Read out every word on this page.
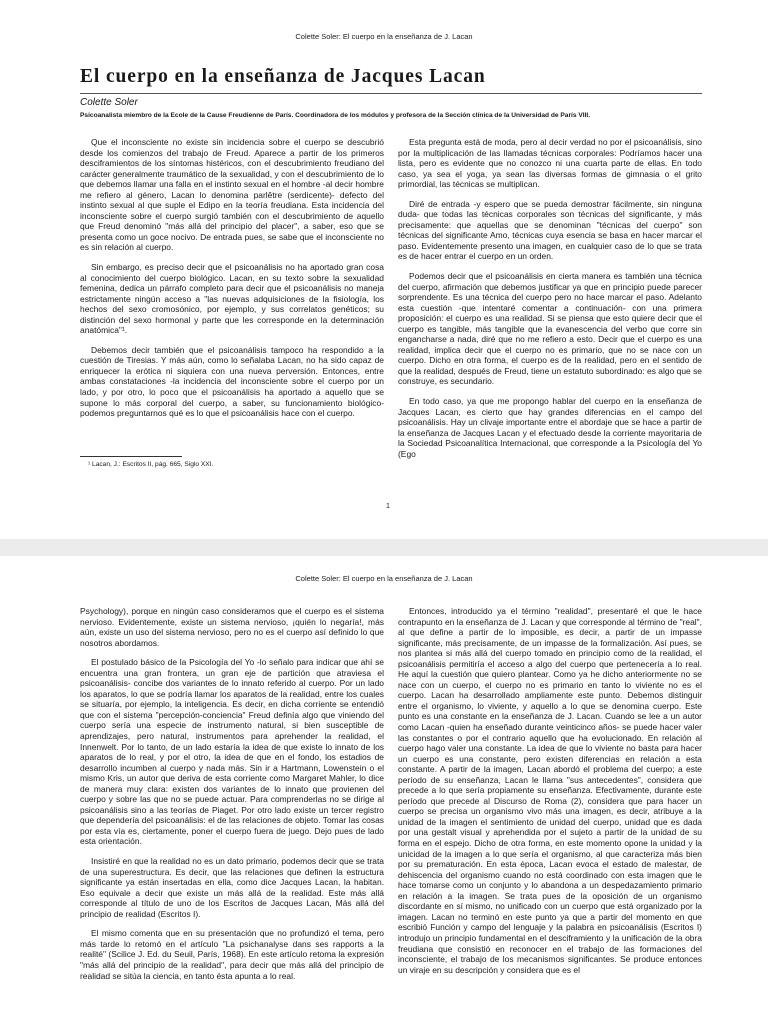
Colette Soler: El cuerpo en la enseñanza de J. Lacan
El cuerpo en la enseñanza de Jacques Lacan
Colette Soler
Psicoanalista miembro de la Ecole de la Cause Freudienne de París. Coordinadora de los módulos y profesora de la Sección clínica de la Universidad de París VIII.

Que el inconsciente no existe sin incidencia sobre el cuerpo se descubrió desde los comienzos del trabajo de Freud. Aparece a partir de los primeros desciframientos de los síntomas histéricos, con el descubrimiento freudiano del carácter generalmente traumático de la sexualidad, y con el descubrimiento de lo que debemos llamar una falla en el instinto sexual en el hombre -al decir hombre me refiero al género, Lacan lo denomina parlêtre (serdicente)- defecto del instinto sexual al que suple el Edipo en la teoría freudiana. Esta incidencia del inconsciente sobre el cuerpo surgió también con el descubrimiento de aquello que Freud denominó "más allá del principio del placer", a saber, eso que se presenta como un goce nocivo. De entrada pues, se sabe que el inconsciente no es sin relación al cuerpo.

Sin embargo, es preciso decir que el psicoanálisis no ha aportado gran cosa al conocimiento del cuerpo biológico. Lacan, en su texto sobre la sexualidad femenina, dedica un párrafo completo para decir que el psicoanálisis no maneja estrictamente ningún acceso a "las nuevas adquisiciones de la fisiología, los hechos del sexo cromosónico, por ejemplo, y sus correlatos genéticos; su distinción del sexo hormonal y parte que les corresponde en la determinación anatómica"¹.

Debemos decir también que el psicoanálisis tampoco ha respondido a la cuestión de Tiresias. Y más aún, como lo señalaba Lacan, no ha sido capaz de enriquecer la erótica ni siquiera con una nueva perversión. Entonces, entre ambas constataciones -la incidencia del inconsciente sobre el cuerpo por un lado, y por otro, lo poco que el psicoanálisis ha aportado a aquello que se supone lo más corporal del cuerpo, a saber, su funcionamiento biológico- podemos preguntarnos qué es lo que el psicoanálisis hace con el cuerpo.

Esta pregunta está de moda, pero al decir verdad no por el psicoanálisis, sino por la multiplicación de las llamadas técnicas corporales: Podríamos hacer una lista, pero es evidente que no conozco ni una cuarta parte de ellas. En todo caso, ya sea el yoga, ya sean las diversas formas de gimnasia o el grito primordial, las técnicas se multiplican.

Diré de entrada -y espero que se pueda demostrar fácilmente, sin ninguna duda- que todas las técnicas corporales son técnicas del significante, y más precisamente: que aquellas que se denominan "técnicas del cuerpo" son técnicas del significante Amo, técnicas cuya esencia se basa en hacer marcar el paso. Evidentemente presento una imagen, en cualquier caso de lo que se trata es de hacer entrar el cuerpo en un orden.

Podemos decir que el psicoanálisis en cierta manera es también una técnica del cuerpo, afirmación que debemos justificar ya que en principio puede parecer sorprendente. Es una técnica del cuerpo pero no hace marcar el paso. Adelanto esta cuestión -que intentaré comentar a continuación- con una primera proposición: el cuerpo es una realidad. Si se piensa que esto quiere decir que el cuerpo es tangible, más tangible que la evanescencia del verbo que corre sin engancharse a nada, diré que no me refiero a esto. Decir que el cuerpo es una realidad, implica decir que el cuerpo no es primario, que no se nace con un cuerpo. Dicho en otra forma, el cuerpo es de la realidad, pero en el sentido de que la realidad, después de Freud, tiene un estatuto subordinado: es algo que se construye, es secundario.

En todo caso, ya que me propongo hablar del cuerpo en la enseñanza de Jacques Lacan, es cierto que hay grandes diferencias en el campo del psicoanálisis. Hay un clivaje importante entre el abordaje que se hace a partir de la enseñanza de Jacques Lacan y el efectuado desde la corriente mayoritaria de la Sociedad Psicoanalítica Internacional, que corresponde a la Psicología del Yo (Ego

¹ Lacan, J.: Escritos II, pág. 665, Siglo XXI.
1
Colette Soler: El cuerpo en la enseñanza de J. Lacan

Psychology), porque en ningún caso consideramos que el cuerpo es el sistema nervioso. Evidentemente, existe un sistema nervioso, ¡quién lo negaría!, más aún, existe un uso del sistema nervioso, pero no es el cuerpo así definido lo que nosotros abordamos.

El postulado básico de la Psicología del Yo -lo señalo para indicar que ahí se encuentra una gran frontera, un gran eje de partición que atraviesa el psicoanálisis- concibe dos variantes de lo innato referido al cuerpo. Por un lado los aparatos, lo que se podría llamar los aparatos de la realidad, entre los cuales se situaría, por ejemplo, la inteligencia. Es decir, en dicha corriente se entendió que con el sistema "percepción-conciencia" Freud definía algo que viniendo del cuerpo sería una especie de instrumento natural, si bien susceptible de aprendizajes, pero natural, instrumentos para aprehender la realidad, el Innenwelt. Por lo tanto, de un lado estaría la idea de que existe lo innato de los aparatos de lo real, y por el otro, la idea de que en el fondo, los estadios de desarrollo incumben al cuerpo y nada más. Sin ir a Hartmann, Lowenstein o el mismo Kris, un autor que deriva de esta corriente como Margaret Mahler, lo dice de manera muy clara: existen dos variantes de lo innato que provienen del cuerpo y sobre las que no se puede actuar. Para comprenderlas no se dirige al psicoanálisis sino a las teorías de Piaget. Por otro lado existe un tercer registro que dependería del psicoanálisis: el de las relaciones de objeto. Tomar las cosas por esta vía es, ciertamente, poner el cuerpo fuera de juego. Dejo pues de lado esta orientación.

Insistiré en que la realidad no es un dato primario, podemos decir que se trata de una superestructura. Es decir, que las relaciones que definen la estructura significante ya están insertadas en ella, como dice Jacques Lacan, la habitan. Eso equivale a decir que existe un más allá de la realidad. Este más allá corresponde al título de uno de los Escritos de Jacques Lacan, Más allá del principio de realidad (Escritos I).

El mismo comenta que en su presentación que no profundizó el tema, pero más tarde lo retomó en el artículo "La psichanalyse dans ses rapports a la realité" (Scilice J. Ed. du Seuil, París, 1968). En este artículo retoma la expresión "más allá del principio de la realidad", para decir que más allá del principio de realidad se sitúa la ciencia, en tanto ésta apunta a lo real.

Entonces, introducido ya el término "realidad", presentaré el que le hace contrapunto en la enseñanza de J. Lacan y que corresponde al término de "real", al que define a partir de lo imposible, es decir, a partir de un impasse significante, más precisamente, de un impasse de la formalización. Así pues, se nos plantea si más allá del cuerpo tomado en principio como de la realidad, el psicoanálisis permitiría el acceso a algo del cuerpo que pertenecería a lo real. He aquí la cuestión que quiero plantear. Como ya he dicho anteriormente no se nace con un cuerpo, el cuerpo no es primario en tanto lo viviente no es el cuerpo. Lacan ha desarrollado ampliamente este punto. Debemos distinguir entre el organismo, lo viviente, y aquello a lo que se denomina cuerpo. Este punto es una constante en la enseñanza de J. Lacan. Cuando se lee a un autor como Lacan -quien ha enseñado durante veinticinco años- se puede hacer valer las constantes o por el contrario aquello que ha evolucionado. En relación al cuerpo hago valer una constante. La idea de que lo viviente no basta para hacer un cuerpo es una constante, pero existen diferencias en relación a esta constante. A partir de la imagen, Lacan abordó el problema del cuerpo; a este período de su enseñanza, Lacan le llama "sus antecedentes", considera que precede a lo que sería propiamente su enseñanza. Efectivamente, durante este período que precede al Discurso de Roma (2), considera que para hacer un cuerpo se precisa un organismo vivo más una imagen, es decir, atribuye a la unidad de la imagen el sentimiento de unidad del cuerpo, unidad que es dada por una gestalt visual y aprehendida por el sujeto a partir de la unidad de su forma en el espejo. Dicho de otra forma, en este momento opone la unidad y la unicidad de la imagen a lo que sería el organismo, al que caracteriza más bien por su prematuración. En esta época, Lacan evoca el estado de malestar, de dehiscencia del organismo cuando no está coordinado con esta imagen que le hace tomarse como un conjunto y lo abandona a un despedazamiento primario en relación a la imagen. Se trata pues de la oposición de un organismo discordante en sí mismo, no unificado con un cuerpo que está organizado por la imagen. Lacan no terminó en este punto ya que a partir del momento en que escribió Función y campo del lenguaje y la palabra en psicoanálisis (Escritos I) introdujo un principio fundamental en el desciframiento y la unificación de la obra freudiana que consistió en reconocer en el trabajo de las formaciones del inconsciente, el trabajo de los mecanismos significantes. Se produce entonces un viraje en su descripción y considera que es el
